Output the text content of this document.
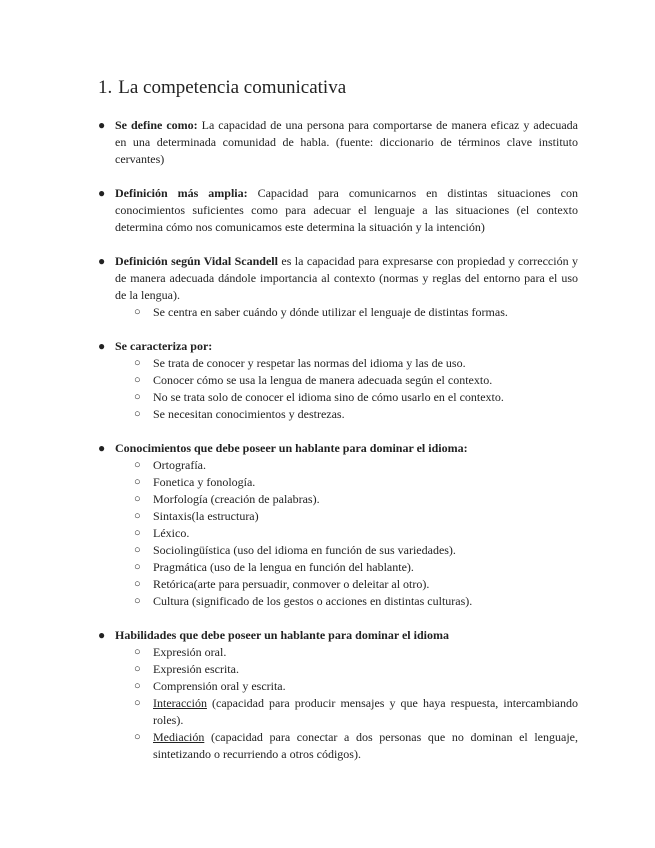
1. La competencia comunicativa
● Se define como: La capacidad de una persona para comportarse de manera eficaz y adecuada en una determinada comunidad de habla. (fuente: diccionario de términos clave instituto cervantes)

● Definición más amplia: Capacidad para comunicarnos en distintas situaciones con conocimientos suficientes como para adecuar el lenguaje a las situaciones (el contexto determina cómo nos comunicamos este determina la situación y la intención)

● Definición según Vidal Scandell es la capacidad para expresarse con propiedad y corrección y de manera adecuada dándole importancia al contexto (normas y reglas del entorno para el uso de la lengua).

○ Se centra en saber cuándo y dónde utilizar el lenguaje de distintas formas.
● Se caracteriza por:

○ Se trata de conocer y respetar las normas del idioma y las de uso.
○ Conocer cómo se usa la lengua de manera adecuada según el contexto.
○ No se trata solo de conocer el idioma sino de cómo usarlo en el contexto.
○ Se necesitan conocimientos y destrezas.
● Conocimientos que debe poseer un hablante para dominar el idioma:

○ Ortografía.
○ Fonetica y fonología.
○ Morfología (creación de palabras).
○ Sintaxis(la estructura)
○ Léxico.
○ Sociolingüística (uso del idioma en función de sus variedades).
○ Pragmática (uso de la lengua en función del hablante).
○ Retórica(arte para persuadir, conmover o deleitar al otro).
○ Cultura (significado de los gestos o acciones en distintas culturas).
● Habilidades que debe poseer un hablante para dominar el idioma

○ Expresión oral.
○ Expresión escrita.
○ Comprensión oral y escrita.
○ Interacción (capacidad para producir mensajes y que haya respuesta, intercambiando roles).
○ Mediación (capacidad para conectar a dos personas que no dominan el lenguaje, sintetizando o recurriendo a otros códigos).
